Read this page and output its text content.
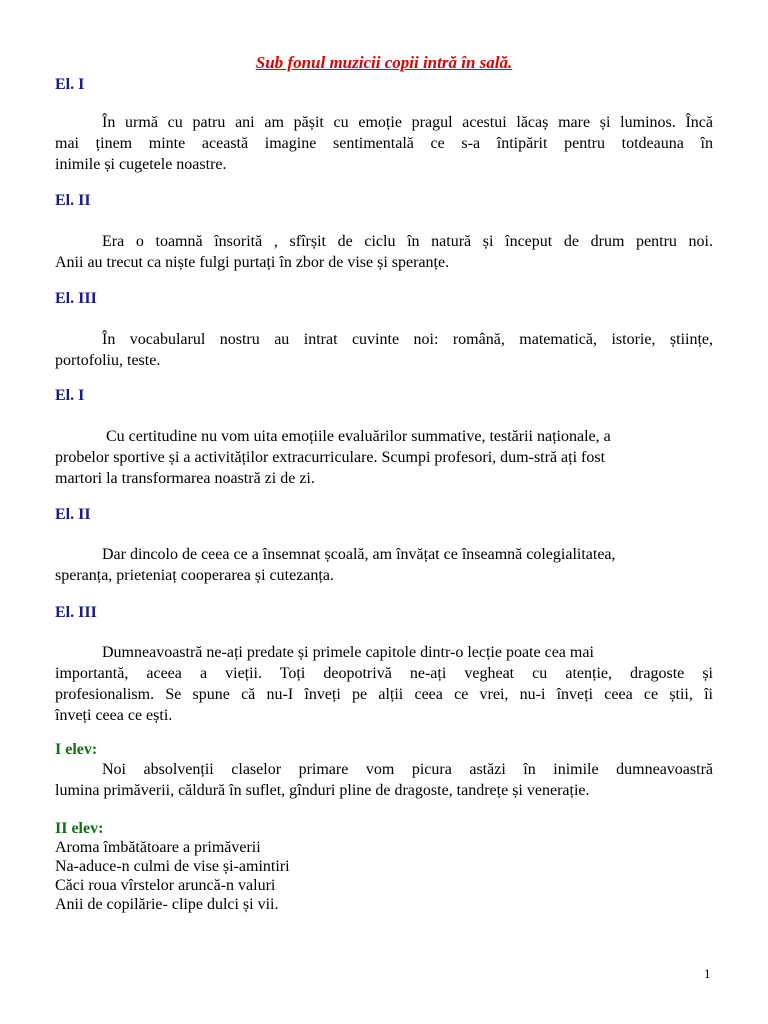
Sub fonul muzicii copii intră în sală.
El. I
În urmă cu patru ani am pășit cu emoție pragul acestui lăcaș mare și luminos. Încă
mai ținem minte această imagine sentimentală ce s-a întipărit pentru totdeauna în
inimile și cugetele noastre.
El. II
Era o toamnă însorită , sfîrșit de ciclu în natură și început de drum pentru noi.
Anii au trecut ca niște fulgi purtați în zbor de vise și speranțe.
El. III
În vocabularul nostru au intrat cuvinte noi: română, matematică, istorie, științe,
portofoliu, teste.
El. I
Cu certitudine nu vom uita emoțiile evaluărilor summative, testării naționale, a
probelor sportive și a activităților extracurriculare. Scumpi profesori, dum-stră ați fost
martori la transformarea noastră zi de zi.
El. II
Dar dincolo de ceea ce a însemnat școală, am învățat ce înseamnă colegialitatea,
speranța, prieteniaț cooperarea și cutezanța.
El. III
Dumneavoastră ne-ați predate și primele capitole dintr-o lecție poate cea mai
importantă, aceea a vieții. Toți deopotrivă ne-ați vegheat cu atenție, dragoste și
profesionalism. Se spune că nu-I înveți pe alții ceea ce vrei, nu-i înveți ceea ce știi, îi
înveți ceea ce ești.
I elev:
Noi absolvenții claselor primare vom picura astăzi în inimile dumneavoastră
lumina primăverii, căldură în suflet, gînduri pline de dragoste, tandrețe și venerație.
II elev:
Aroma îmbătătoare a primăverii
Na-aduce-n culmi de vise și-amintiri
Căci roua vîrstelor aruncă-n valuri
Anii de copilărie- clipe dulci și vii.
1
